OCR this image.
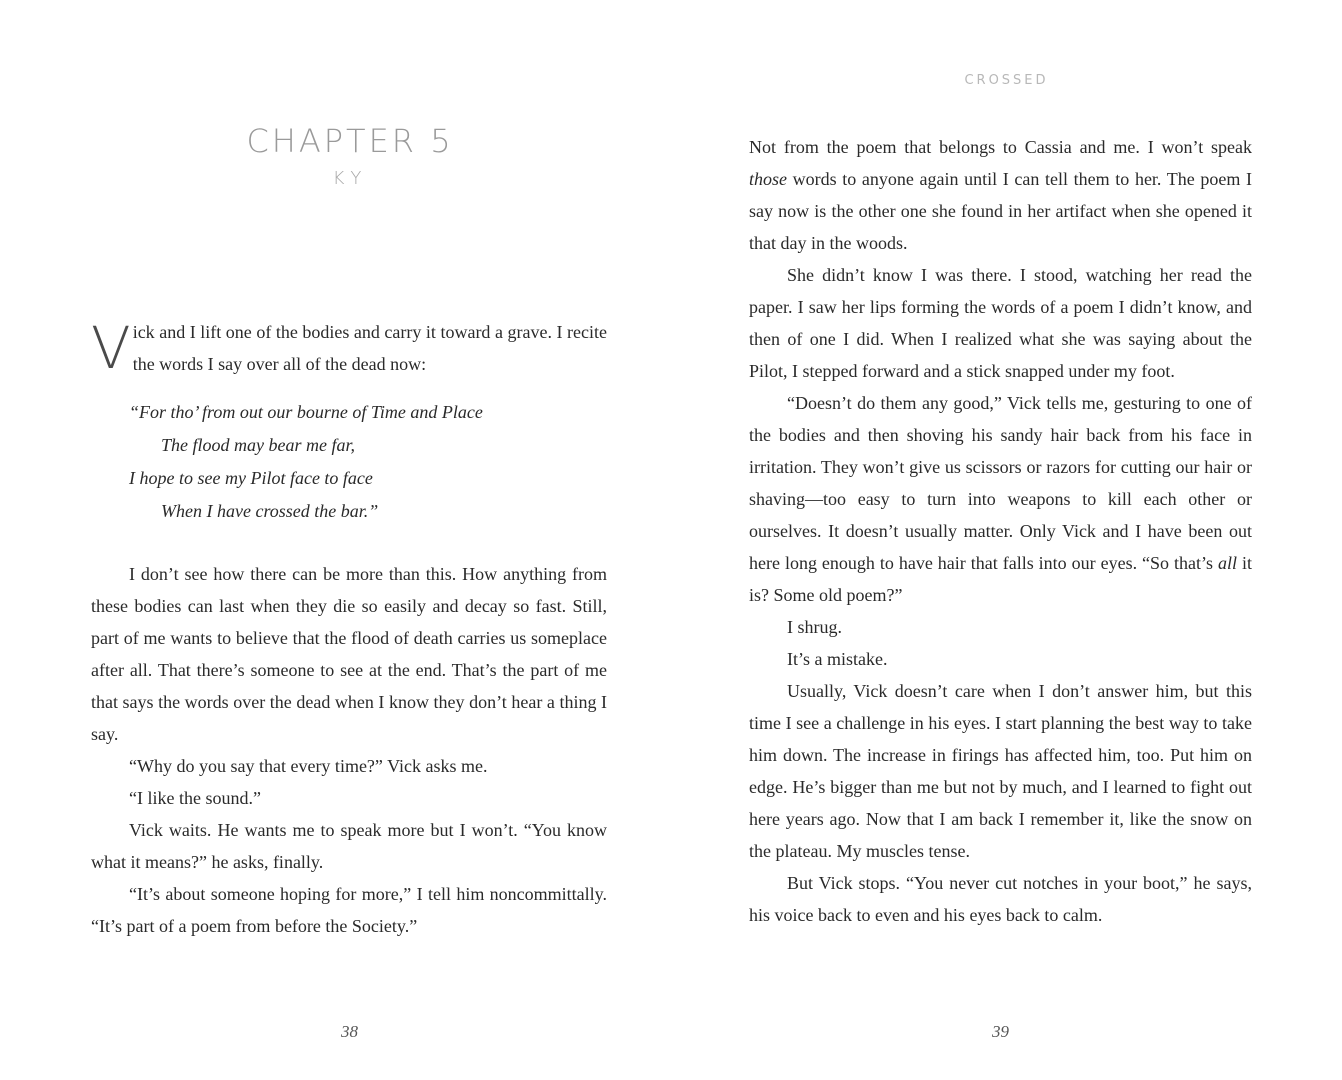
CHAPTER 5
KY

Vick and I lift one of the bodies and carry it toward a grave. I recite the words I say over all of the dead now:

“For tho’ from out our bourne of Time and Place
The flood may bear me far,
I hope to see my Pilot face to face
When I have crossed the bar.”

I don’t see how there can be more than this. How anything from these bodies can last when they die so easily and decay so fast. Still, part of me wants to believe that the flood of death carries us someplace after all. That there’s someone to see at the end. That’s the part of me that says the words over the dead when I know they don’t hear a thing I say.

“Why do you say that every time?” Vick asks me.

“I like the sound.”

Vick waits. He wants me to speak more but I won’t. “You know what it means?” he asks, finally.

“It’s about someone hoping for more,” I tell him noncommittally. “It’s part of a poem from before the Society.”

38
CROSSED

Not from the poem that belongs to Cassia and me. I won’t speak those words to anyone again until I can tell them to her. The poem I say now is the other one she found in her artifact when she opened it that day in the woods.

She didn’t know I was there. I stood, watching her read the paper. I saw her lips forming the words of a poem I didn’t know, and then of one I did. When I realized what she was saying about the Pilot, I stepped forward and a stick snapped under my foot.

“Doesn’t do them any good,” Vick tells me, gesturing to one of the bodies and then shoving his sandy hair back from his face in irritation. They won’t give us scissors or razors for cutting our hair or shaving—too easy to turn into weapons to kill each other or ourselves. It doesn’t usually matter. Only Vick and I have been out here long enough to have hair that falls into our eyes. “So that’s all it is? Some old poem?”

I shrug.

It’s a mistake.

Usually, Vick doesn’t care when I don’t answer him, but this time I see a challenge in his eyes. I start planning the best way to take him down. The increase in firings has affected him, too. Put him on edge. He’s bigger than me but not by much, and I learned to fight out here years ago. Now that I am back I remember it, like the snow on the plateau. My muscles tense.

But Vick stops. “You never cut notches in your boot,” he says, his voice back to even and his eyes back to calm.

39
